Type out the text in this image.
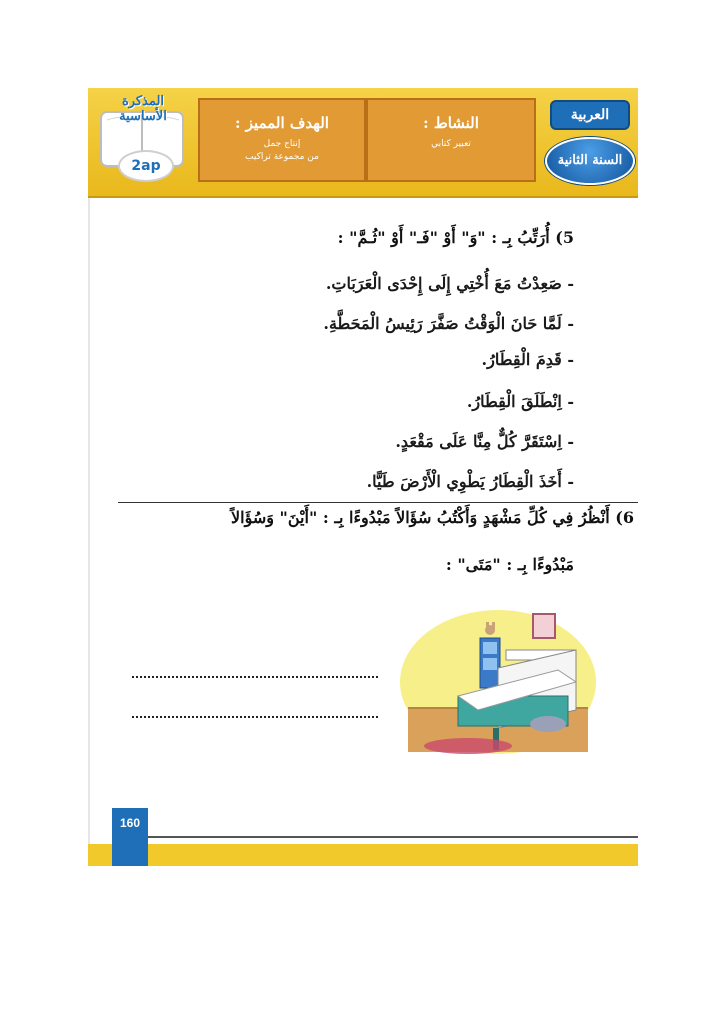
المذكرة الأساسية
2ap
الهدف المميز :
إنتاج جمل
من مجموعة تراكيب
النشاط :
تعبير كتابي
العربية
السنة الثانية
5) أُرَتِّبُ بِـ : "وَ" أَوْ "فَـ" أَوْ "ثُـمَّ" :
- صَعِدْتُ مَعَ أُخْتِي إِلَى إِحْدَى الْعَرَبَاتِ.
- لَمَّا حَانَ الْوَقْتُ صَفَّرَ رَئِيسُ الْمَحَطَّةِ.
- قَدِمَ الْقِطَارُ.
- اِنْطَلَقَ الْقِطَارُ.
- اِسْتَقَرَّ كُلٌّ مِنَّا عَلَى مَقْعَدٍ.
- أَخَذَ الْقِطَارُ يَطْوِي الْأَرْضَ طَيًّا.
6) أَنْظُرُ فِي كُلِّ مَشْهَدٍ وَأَكْتُبُ سُؤَالاً مَبْدُوءًا بِـ : "أَيْنَ" وَسُؤَالاً
مَبْدُوءًا بِـ : "مَتَى" :
160
